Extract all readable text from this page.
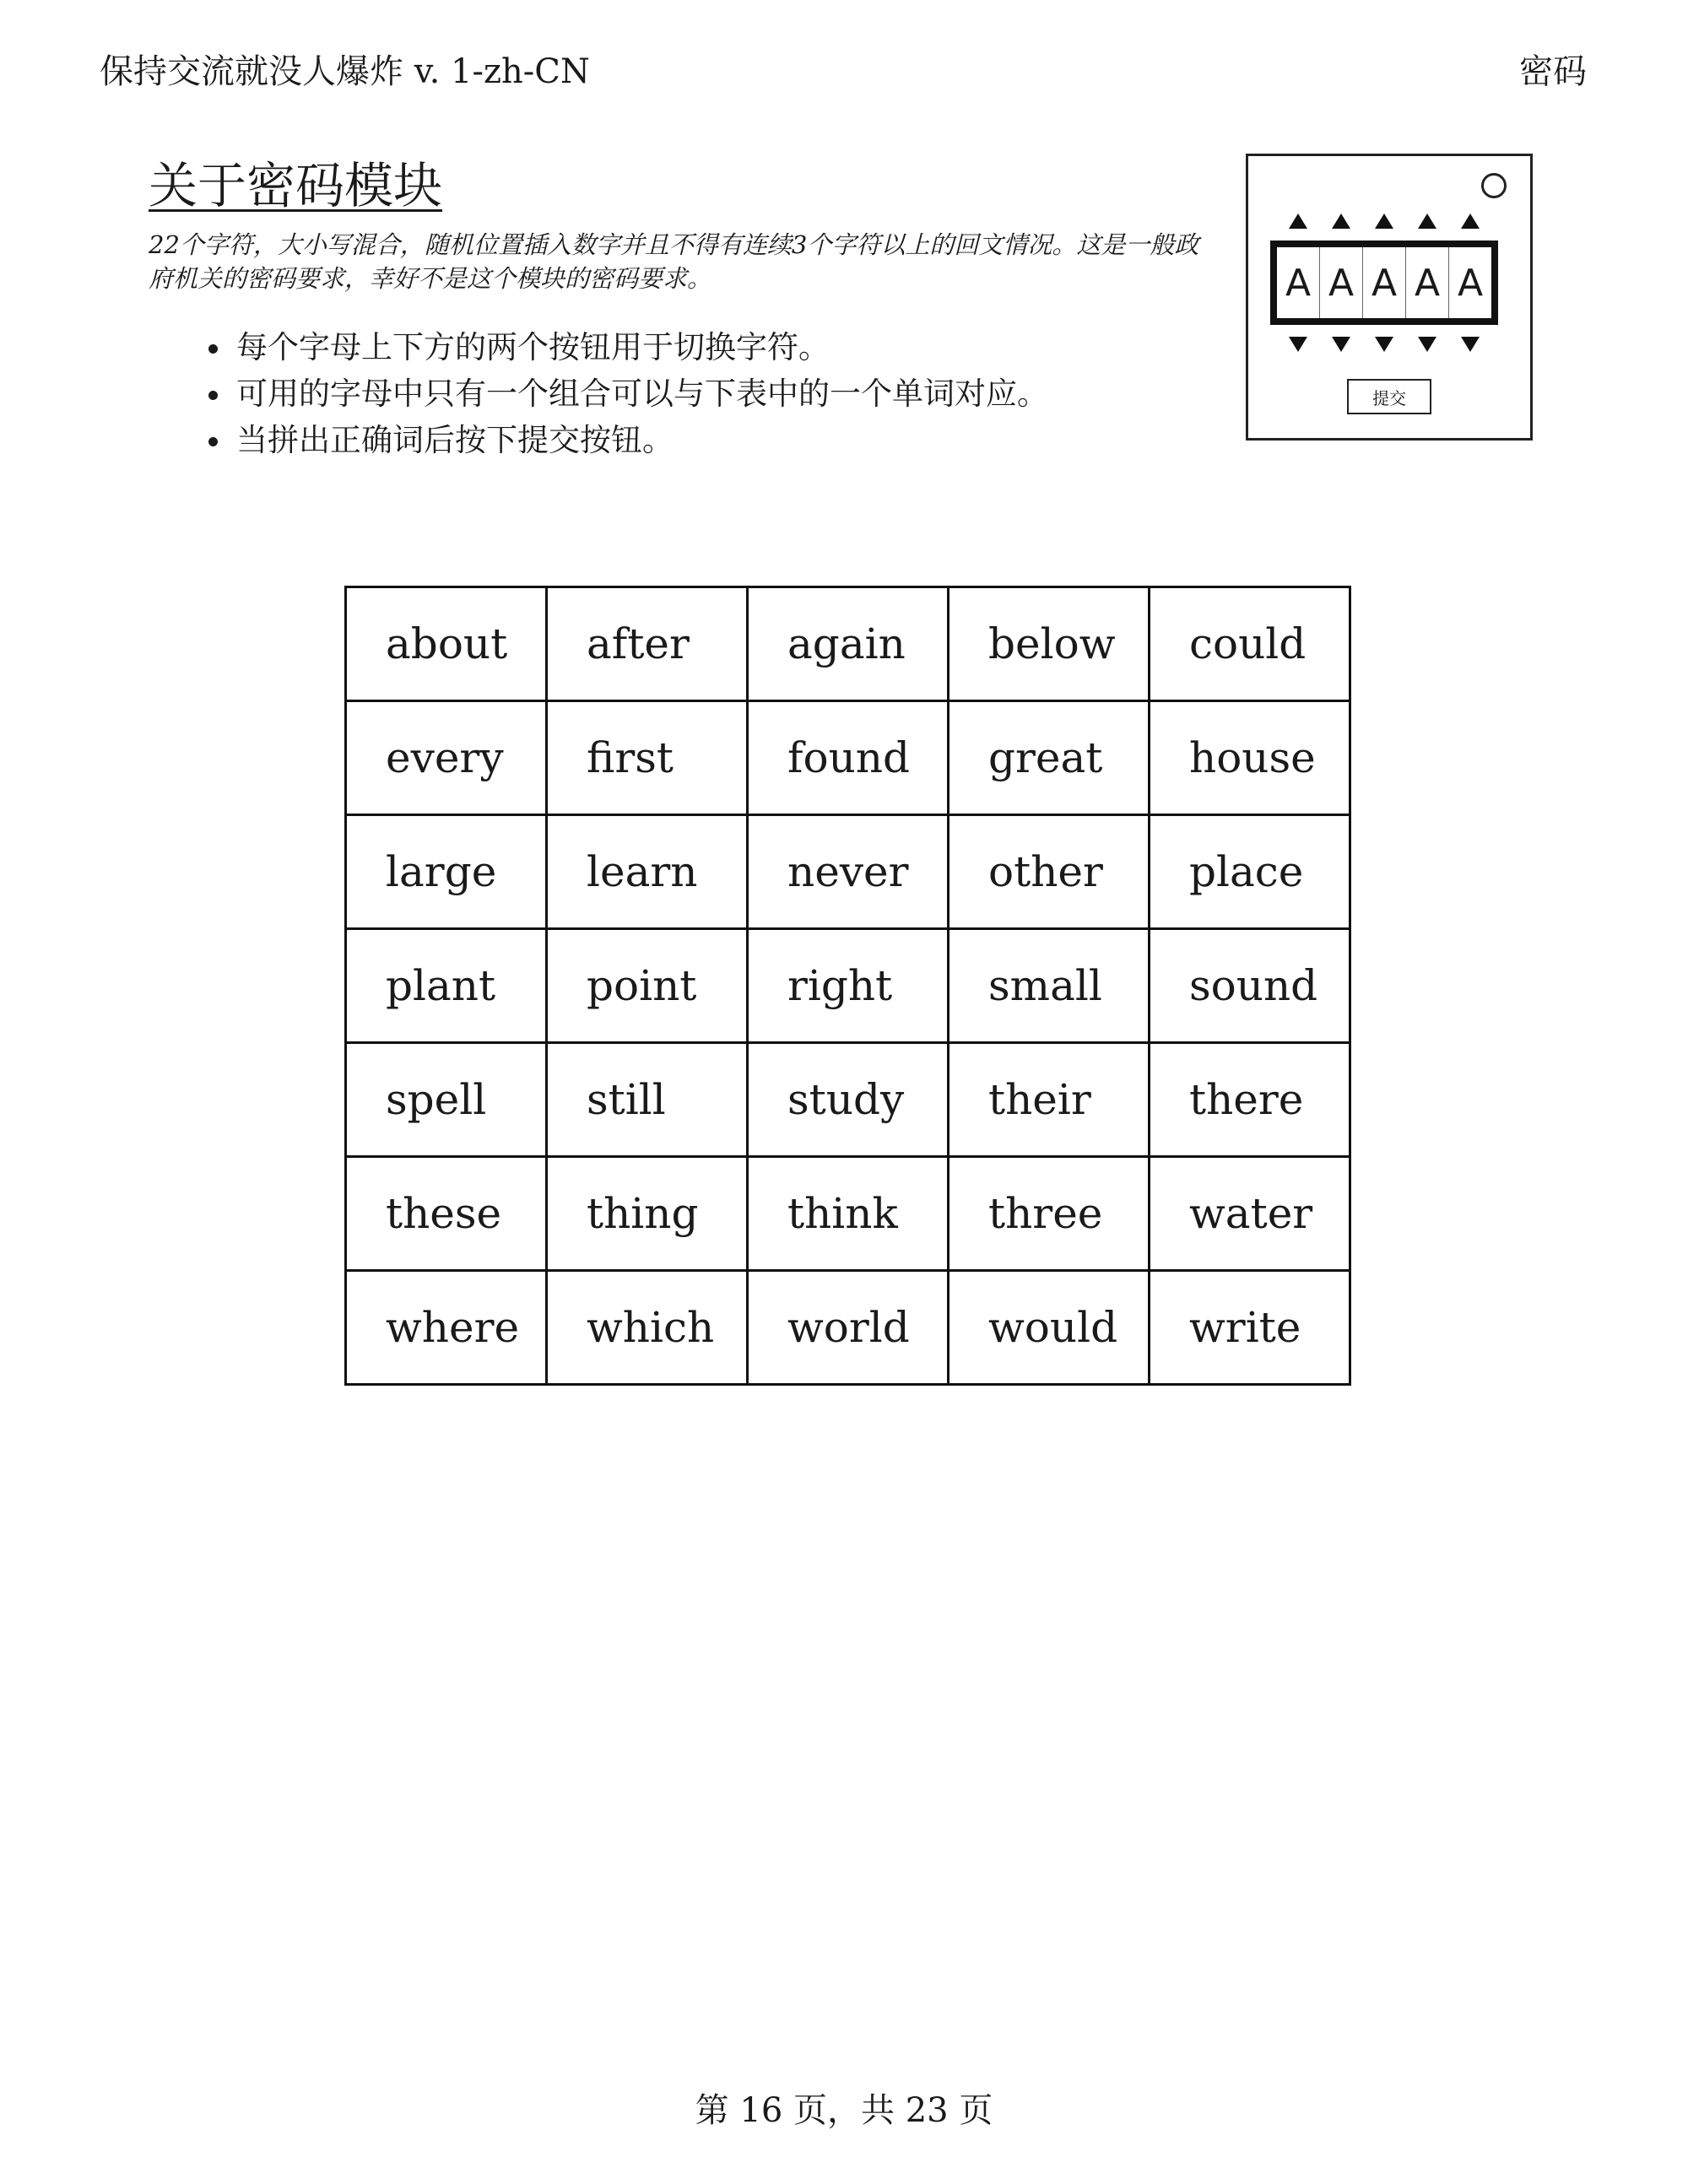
保持交流就没人爆炸 v. 1-zh-CN	密码
关于密码模块
22个字符，大小写混合，随机位置插入数字并且不得有连续3个字符以上的回文情况。这是一般政府机关的密码要求，幸好不是这个模块的密码要求。
• 每个字母上下方的两个按钮用于切换字符。
• 可用的字母中只有一个组合可以与下表中的一个单词对应。
• 当拼出正确词后按下提交按钮。
A A A A A
提交
about	after	again	below	could
every	first	found	great	house
large	learn	never	other	place
plant	point	right	small	sound
spell	still	study	their	there
these	thing	think	three	water
where	which	world	would	write
第 16 页，共 23 页
